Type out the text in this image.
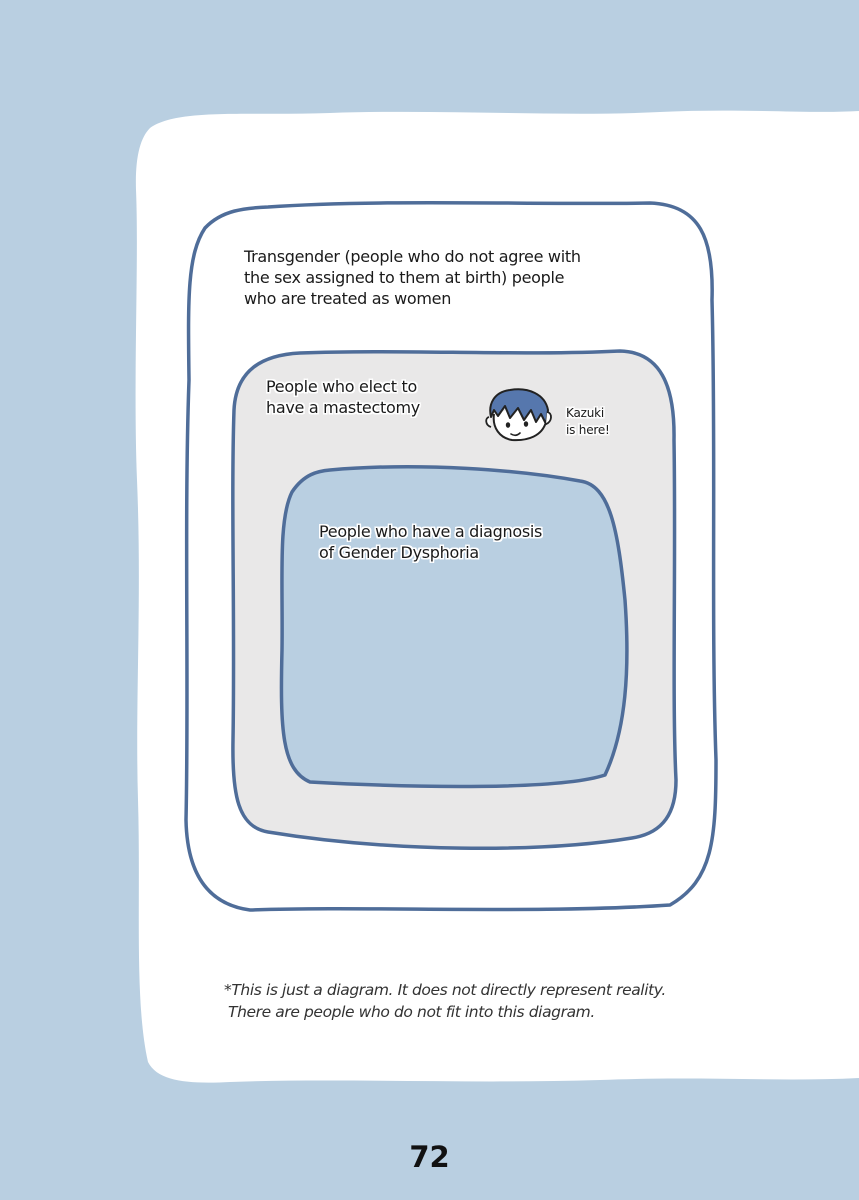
Transgender (people who do not agree with
the sex assigned to them at birth) people
who are treated as women

People who elect to
have a mastectomy

People who have a diagnosis
of Gender Dysphoria

Kazuki
is here!

*This is just a diagram. It does not directly represent reality.
There are people who do not fit into this diagram.

72
